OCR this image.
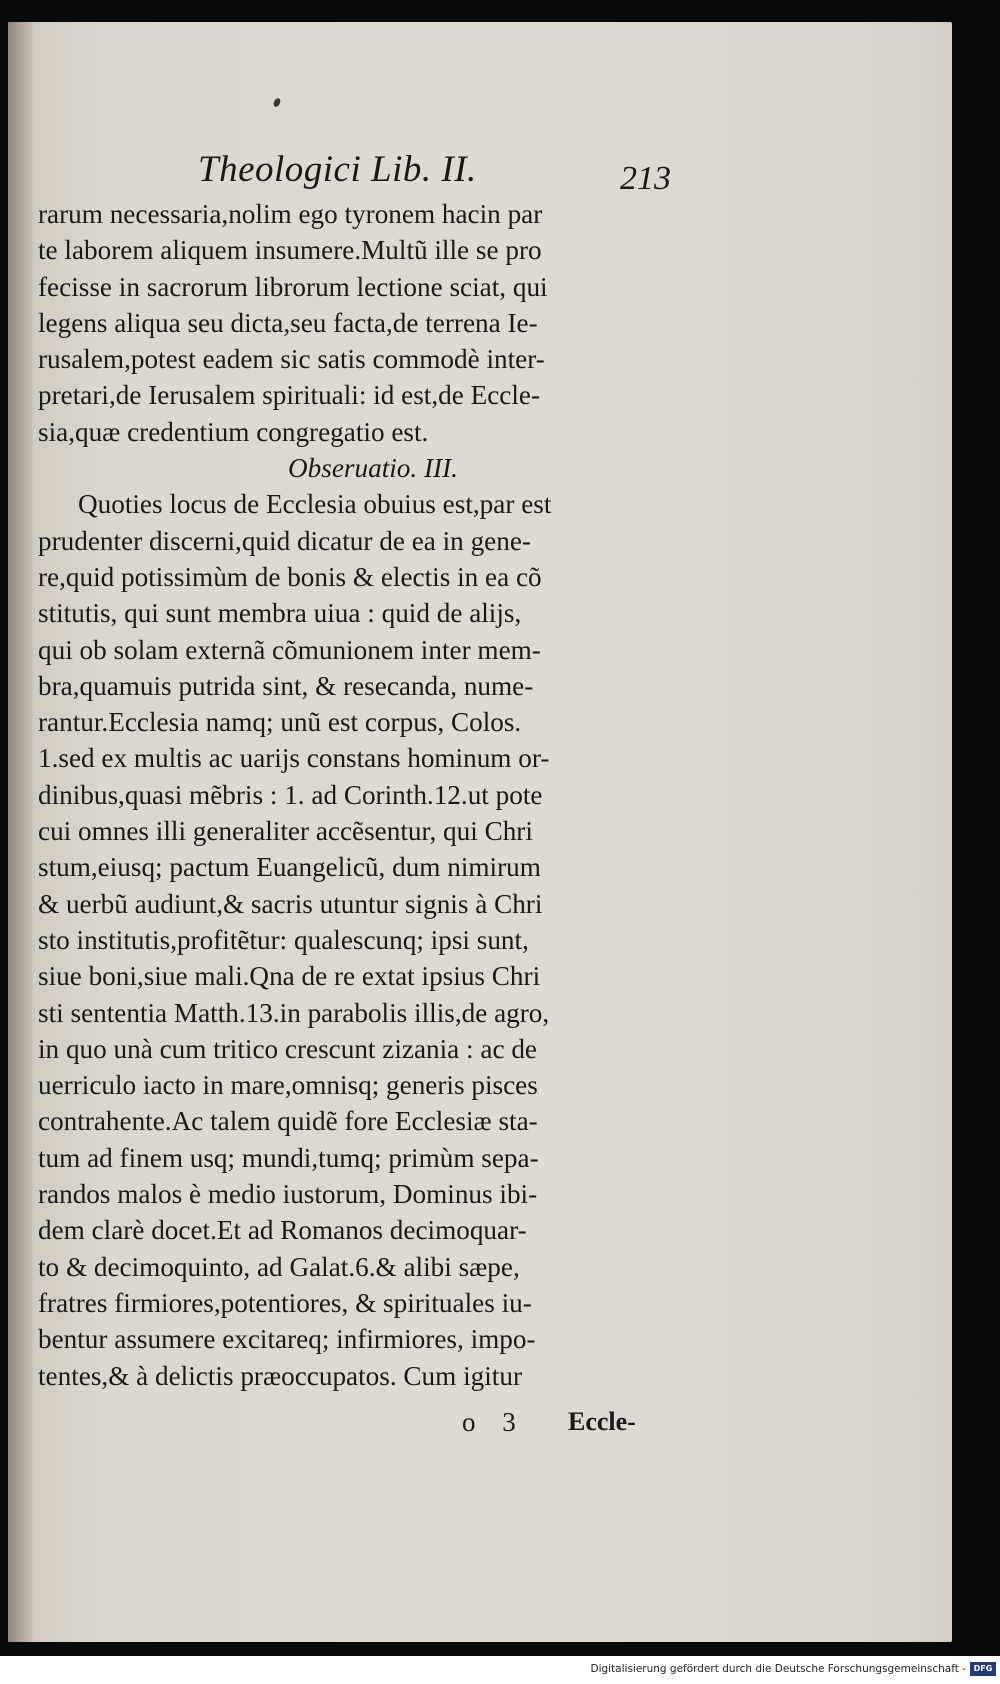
Theologici Lib. II.	213
rarum necessaria,nolim ego tyronem hacin par
te laborem aliquem insumere.Multũ ille se pro
fecisse in sacrorum librorum lectione sciat, qui
legens aliqua seu dicta,seu facta,de terrena Ie-
rusalem,potest eadem sic satis commodè inter-
pretari,de Ierusalem spirituali: id est,de Eccle-
sia,quæ credentium congregatio est.
Obseruatio. III.
Quoties locus de Ecclesia obuius est,par est
prudenter discerni,quid dicatur de ea in gene-
re,quid potissimùm de bonis & electis in ea cõ
stitutis, qui sunt membra uiua : quid de alijs,
qui ob solam externã cõmunionem inter mem-
bra,quamuis putrida sint, & resecanda, nume-
rantur.Ecclesia namq; unũ est corpus, Colos.
1.sed ex multis ac uarijs constans hominum or-
dinibus,quasi mẽbris : 1. ad Corinth.12.ut pote
cui omnes illi generaliter accẽsentur, qui Chri
stum,eiusq; pactum Euangelicũ, dum nimirum
& uerbũ audiunt,& sacris utuntur signis à Chri
sto institutis,profitẽtur: qualescunq; ipsi sunt,
siue boni,siue mali.Qna de re extat ipsius Chri
sti sententia Matth.13.in parabolis illis,de agro,
in quo unà cum tritico crescunt zizania : ac de
uerriculo iacto in mare,omnisq; generis pisces
contrahente.Ac talem quidẽ fore Ecclesiæ sta-
tum ad finem usq; mundi,tumq; primùm sepa-
randos malos è medio iustorum, Dominus ibi-
dem clarè docet.Et ad Romanos decimoquar-
to & decimoquinto, ad Galat.6.& alibi sæpe,
fratres firmiores,potentiores, & spirituales iu-
bentur assumere excitareq; infirmiores, impo-
tentes,& à delictis præoccupatos. Cum igitur
o 3 Eccle-
Digitalisierung gefördert durch die Deutsche Forschungsgemeinschaft - DFG
